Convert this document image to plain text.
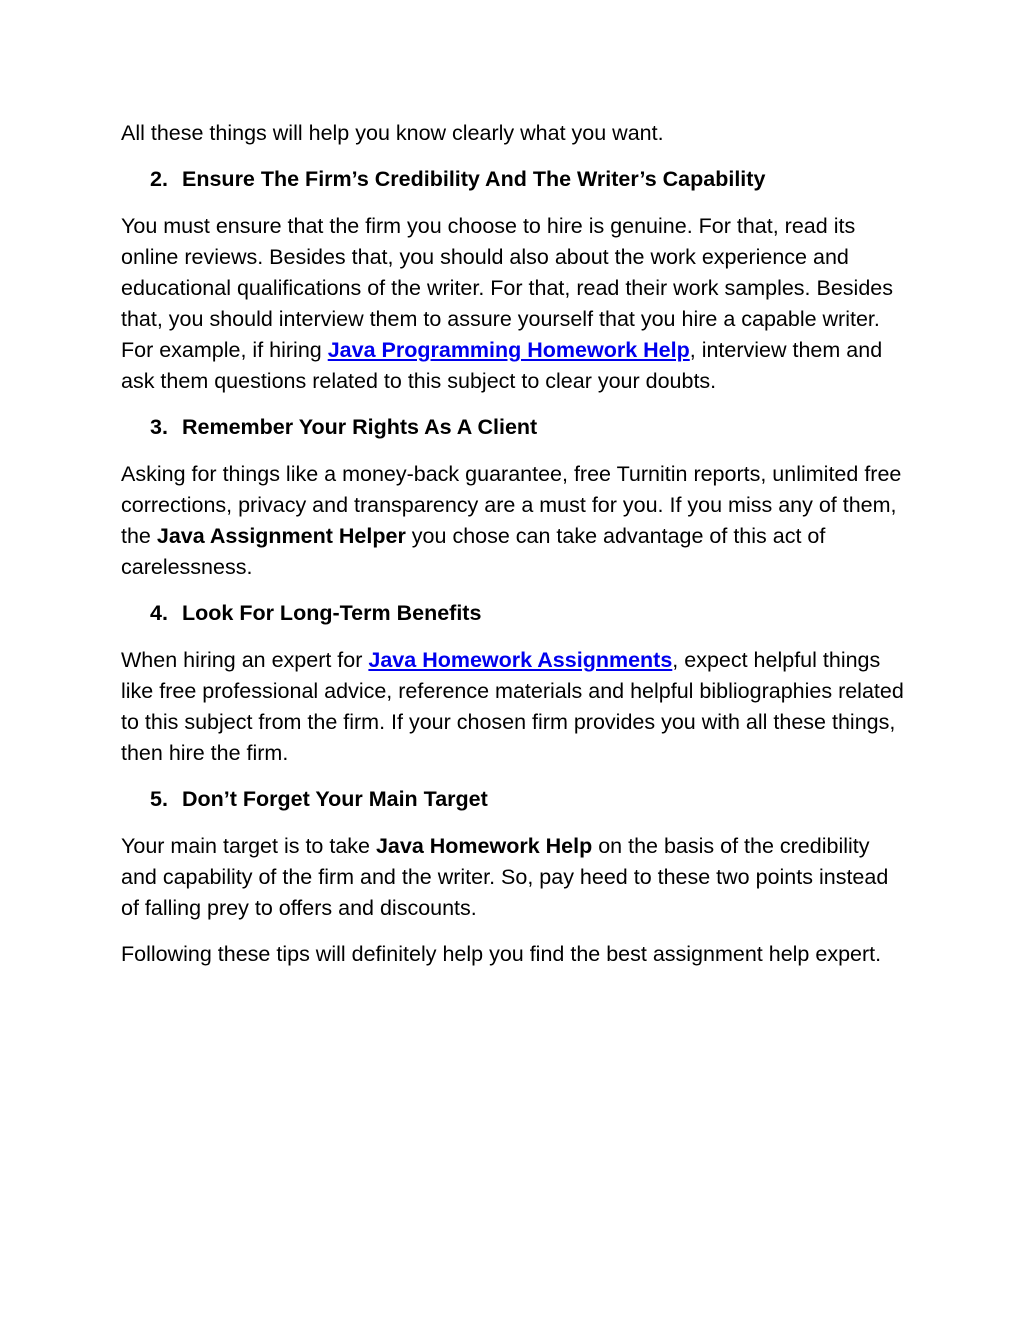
All these things will help you know clearly what you want.

2. Ensure The Firm’s Credibility And The Writer’s Capability

You must ensure that the firm you choose to hire is genuine. For that, read its online reviews. Besides that, you should also about the work experience and educational qualifications of the writer. For that, read their work samples. Besides that, you should interview them to assure yourself that you hire a capable writer. For example, if hiring Java Programming Homework Help, interview them and ask them questions related to this subject to clear your doubts.

3. Remember Your Rights As A Client

Asking for things like a money-back guarantee, free Turnitin reports, unlimited free corrections, privacy and transparency are a must for you. If you miss any of them, the Java Assignment Helper you chose can take advantage of this act of carelessness.

4. Look For Long-Term Benefits

When hiring an expert for Java Homework Assignments, expect helpful things like free professional advice, reference materials and helpful bibliographies related to this subject from the firm. If your chosen firm provides you with all these things, then hire the firm.

5. Don’t Forget Your Main Target

Your main target is to take Java Homework Help on the basis of the credibility and capability of the firm and the writer. So, pay heed to these two points instead of falling prey to offers and discounts.

Following these tips will definitely help you find the best assignment help expert.
